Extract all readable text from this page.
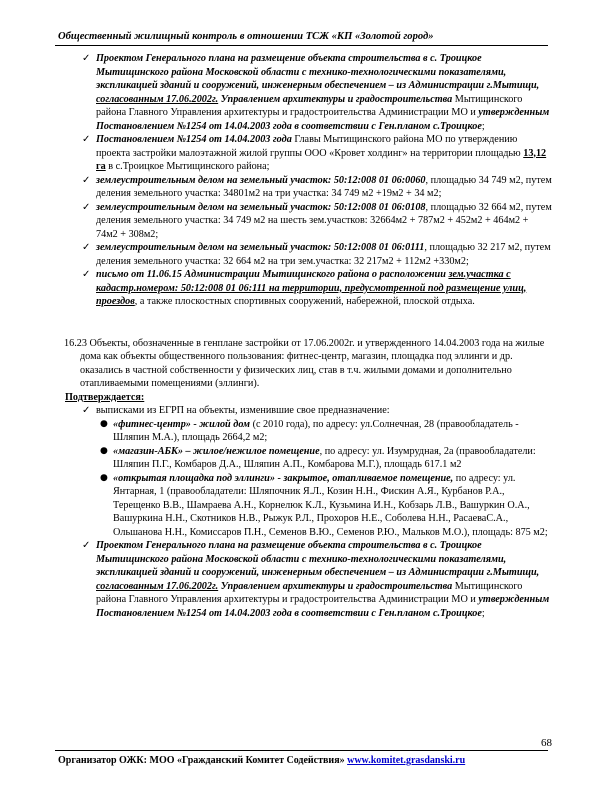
Общественный жилищный контроль в отношении ТСЖ «КП «Золотой город»
✓ Проектом Генерального плана на размещение объекта строительства в с. Троицкое Мытищинского района Московской области с технико-технологическими показателями, экспликацией зданий и сооружений, инженерным обеспечением – из Администрации г.Мытищи, согласованным 17.06.2002г. Управлением архитектуры и градостроительства Мытищинского района Главного Управления архитектуры и градостроительства Администрации МО и утвержденным Постановлением №1254 от 14.04.2003 года в соответствии с Ген.планом с.Троицкое;
✓ Постановлением №1254 от 14.04.2003 года Главы Мытищинского района МО по утверждению проекта застройки малоэтажной жилой группы ООО «Кровет холдинг» на территории площадью 13,12 га в с.Троицкое Мытищинского района;
✓ землеустроительным делом на земельный участок: 50:12:008 01 06:0060, площадью 34 749 м2, путем деления земельного участка: 34801м2 на три участка: 34 749 м2 +19м2 + 34 м2;
✓ землеустроительным делом на земельный участок: 50:12:008 01 06:0108, площадью 32 664 м2, путем деления земельного участка: 34 749 м2 на шесть зем.участков: 32664м2 + 787м2 + 452м2 + 464м2 + 74м2 + 308м2;
✓ землеустроительным делом на земельный участок: 50:12:008 01 06:0111, площадью 32 217 м2, путем деления земельного участка: 32 664 м2 на три зем.участка: 32 217м2 + 112м2 +330м2;
✓ письмо от 11.06.15 Администрации Мытищинского района о расположении зем.участка с кадастр.номером: 50:12:008 01 06:111 на территории, предусмотренной под размещение улиц, проездов, а также плоскостных спортивных сооружений, набережной, плоской отдыха.
16.23 Объекты, обозначенные в генплане застройки от 17.06.2002г. и утвержденного 14.04.2003 года на жилые дома как объекты общественного пользования: фитнес-центр, магазин, площадка под эллинги и др. оказались в частной собственности у физических лиц, став в т.ч. жилыми домами и дополнительно отапливаемыми помещениями (эллинги).
Подтверждается:
✓ выписками из ЕГРП на объекты, изменившие свое предназначение:
● «фитнес-центр» - жилой дом (с 2010 года), по адресу: ул.Солнечная, 28 (правообладатель - Шляпин М.А.), площадь 2664,2 м2;
● «магазин-АБК» – жилое/нежилое помещение, по адресу: ул. Изумрудная, 2а (правообладатели: Шляпин П.Г., Комбаров Д.А., Шляпин А.П., Комбарова М.Г.), площадь 617.1 м2
● «открытая площадка под эллинги» - закрытое, отапливаемое помещение, по адресу: ул. Янтарная, 1 (правообладатели: Шляпочник Я.Л., Козин Н.Н., Фискин А.Я., Курбанов Р.А., Терещенко В.В., Шамраева А.Н., Корнелюк К.Л., Кузьмина И.Н., Кобзарь Л.В., Вашуркин О.А., Вашуркина Н.Н., Скотников Н.В., Рыжук Р.Л., Прохоров Н.Е., Соболева Н.Н., РасаеваС.А., Ольшанова Н.Н., Комиссаров П.Н., Семенов В.Ю., Семенов Р.Ю., Мальков М.О.), площадь: 875 м2;
✓ Проектом Генерального плана на размещение объекта строительства в с. Троицкое Мытищинского района Московской области с технико-технологическими показателями, экспликацией зданий и сооружений, инженерным обеспечением – из Администрации г.Мытищи, согласованным 17.06.2002г. Управлением архитектуры и градостроительства Мытищинского района Главного Управления архитектуры и градостроительства Администрации МО и утвержденным Постановлением №1254 от 14.04.2003 года в соответствии с Ген.планом с.Троицкое;
68
Организатор ОЖК: МОО «Гражданский Комитет Содействия» www.komitet.grasdanski.ru
